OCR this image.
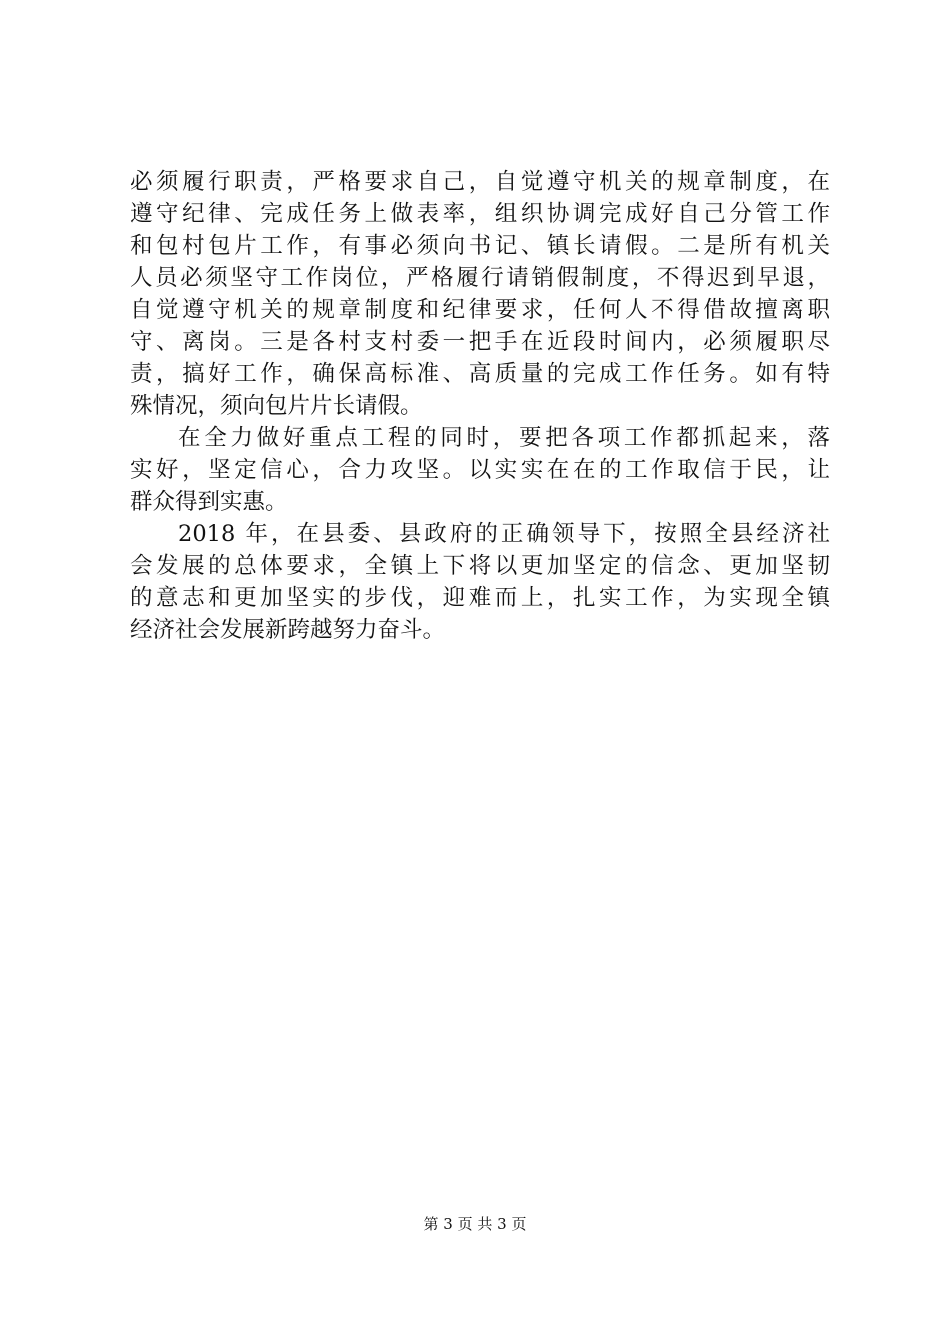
必须履行职责，严格要求自己，自觉遵守机关的规章制度，在
遵守纪律、完成任务上做表率，组织协调完成好自己分管工作
和包村包片工作，有事必须向书记、镇长请假。二是所有机关
人员必须坚守工作岗位，严格履行请销假制度，不得迟到早退，
自觉遵守机关的规章制度和纪律要求，任何人不得借故擅离职
守、离岗。三是各村支村委一把手在近段时间内，必须履职尽
责，搞好工作，确保高标准、高质量的完成工作任务。如有特
殊情况，须向包片片长请假。
在全力做好重点工程的同时，要把各项工作都抓起来，落
实好，坚定信心，合力攻坚。以实实在在的工作取信于民，让
群众得到实惠。
2018 年，在县委、县政府的正确领导下，按照全县经济社
会发展的总体要求，全镇上下将以更加坚定的信念、更加坚韧
的意志和更加坚实的步伐，迎难而上，扎实工作，为实现全镇
经济社会发展新跨越努力奋斗。
第 3 页 共 3 页
